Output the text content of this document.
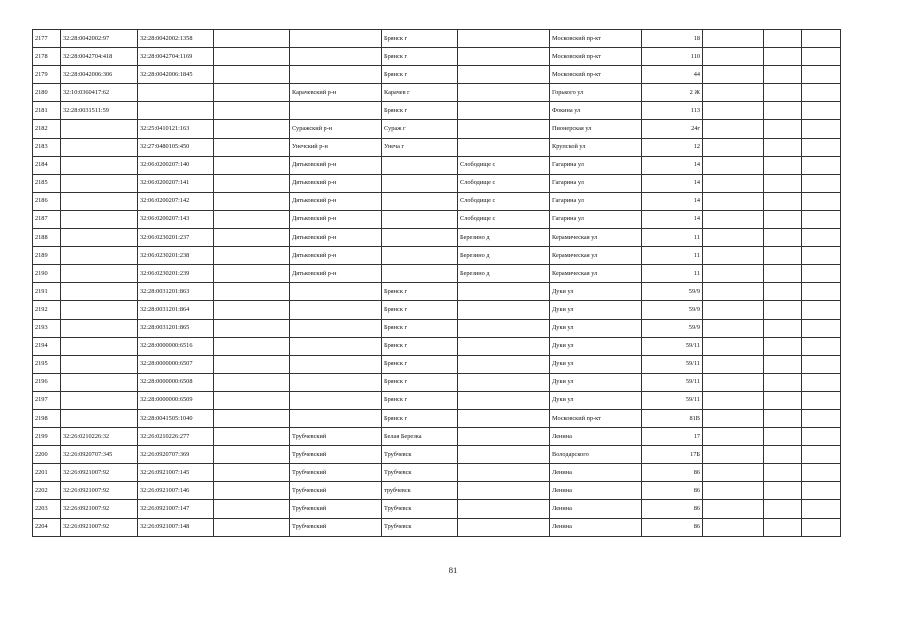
2177	32:28:0042002:97	32:28:0042002:1358			Брянск г		Московский пр-кт	18			
2178	32:28:0042704:418	32:28:0042704:1169			Брянск г		Московский пр-кт	110			
2179	32:28:0042006:306	32:28:0042006:1845			Брянск г		Московский пр-кт	44			
2180	32:10:0360417:62			Карачевский р-н	Карачев г		Горького ул	2 Ж			
2181	32:28:0031511:59				Брянск г		Фокина ул	113			
2182		32:25:0410121:163		Суражский р-н	Сураж г		Пионерская ул	24г			
2183		32:27:0480105:450		Унечский р-н	Унеча г		Крупской ул	12			
2184		32:06:0200207:140		Дятьковский р-н		Слободище с	Гагарина ул	14			
2185		32:06:0200207:141		Дятьковский р-н		Слободище с	Гагарина ул	14			
2186		32:06:0200207:142		Дятьковский р-н		Слободище с	Гагарина ул	14			
2187		32:06:0200207:143		Дятьковский р-н		Слободище с	Гагарина ул	14			
2188		32:06:0230201:237		Дятьковский р-н		Березино д	Керамическая ул	11			
2189		32:06:0230201:238		Дятьковский р-н		Березино д	Керамическая ул	11			
2190		32:06:0230201:239		Дятьковский р-н		Березино д	Керамическая ул	11			
2191		32:28:0031201:863			Брянск г		Дуки ул	59/9			
2192		32:28:0031201:864			Брянск г		Дуки ул	59/9			
2193		32:28:0031201:865			Брянск г		Дуки ул	59/9			
2194		32:28:0000000:6516			Брянск г		Дуки ул	59/11			
2195		32:28:0000000:6507			Брянск г		Дуки ул	59/11			
2196		32:28:0000000:6508			Брянск г		Дуки ул	59/11			
2197		32:28:0000000:6509			Брянск г		Дуки ул	59/11			
2198		32:28:0041505:1040			Брянск г		Московский пр-кт	81В			
2199	32:26:0210226:32	32:26:0210226:277		Трубчевский	Белая Березка		Ленина	17			
2200	32:26:0920707:345	32:26:0920707:369		Трубчевский	Трубчевск		Володарского	17Б			
2201	32:26:0921007:92	32:26:0921007:145		Трубчевский	Трубчевск		Ленина	86			
2202	32:26:0921007:92	32:26:0921007:146		Трубчевский	трубчевск		Ленина	86			
2203	32:26:0921007:92	32:26:0921007:147		Трубчевский	Трубчевск		Ленина	86			
2204	32:26:0921007:92	32:26:0921007:148		Трубчевский	Трубчевск		Ленина	86			
81
